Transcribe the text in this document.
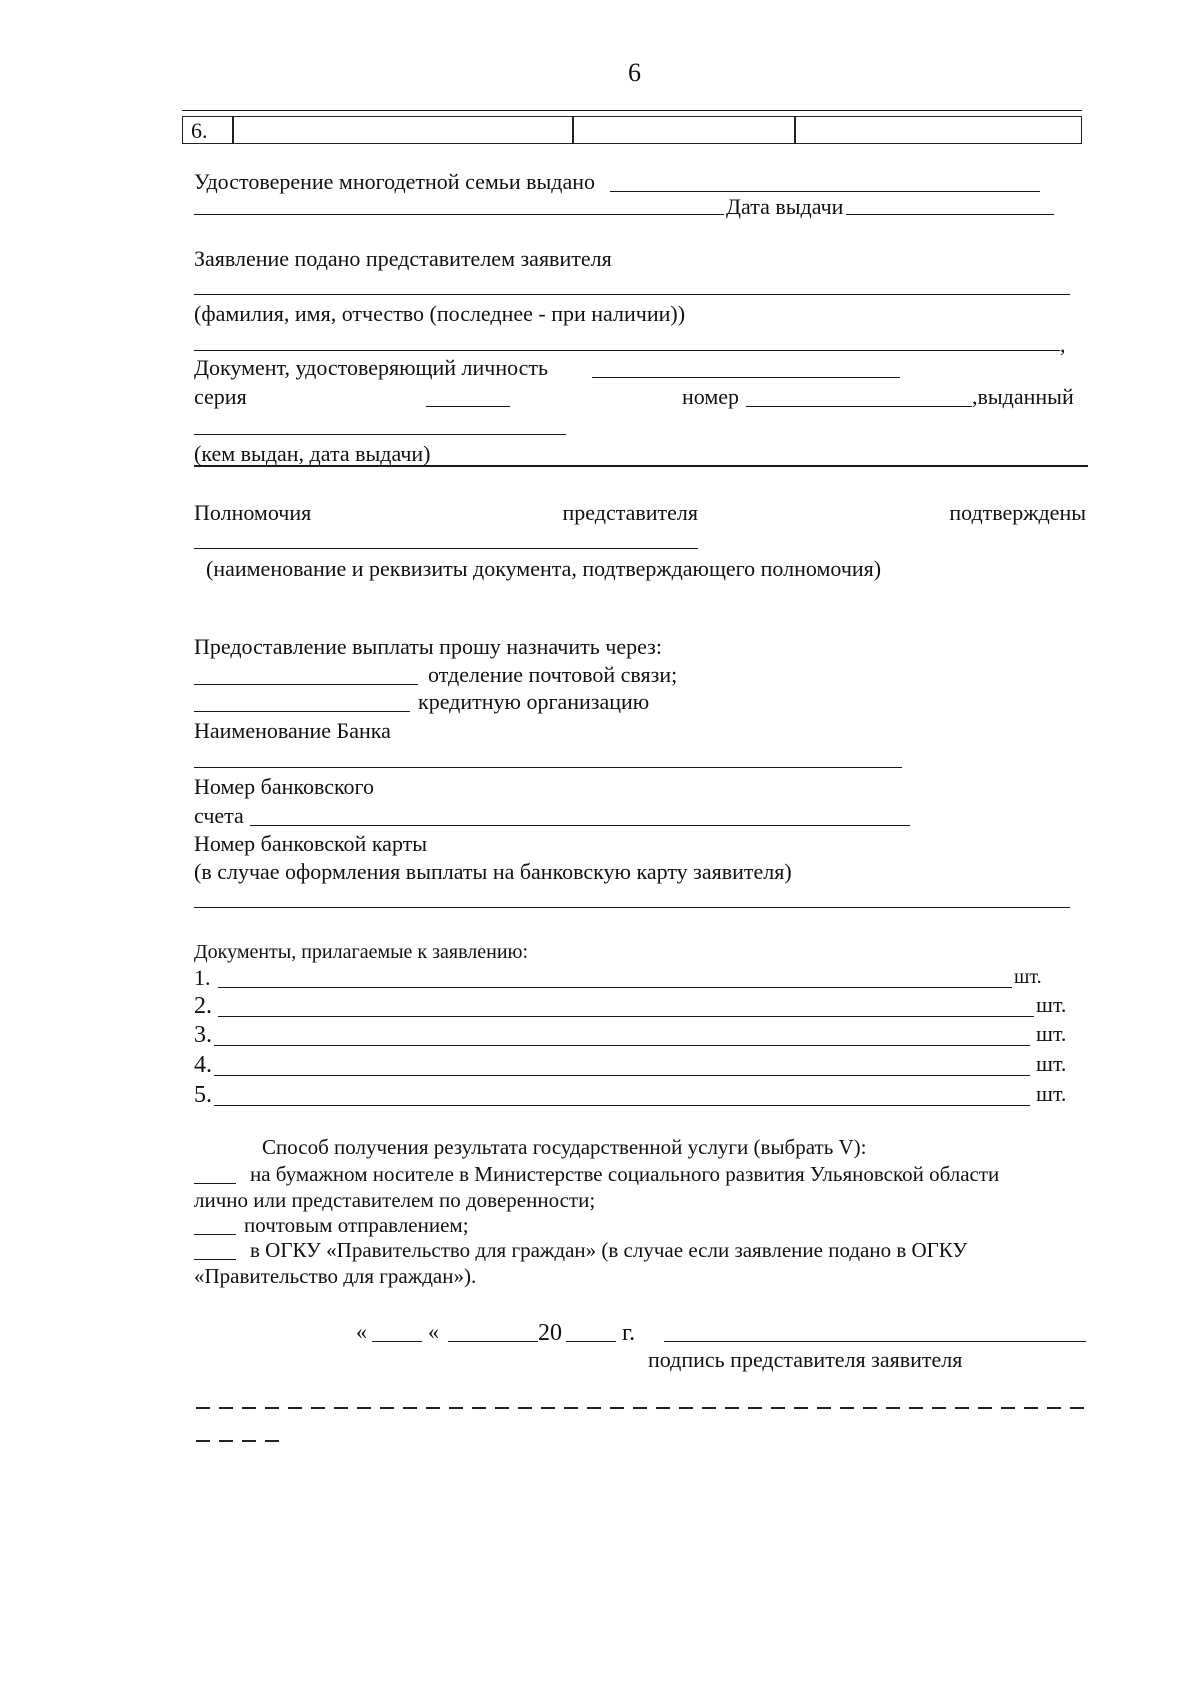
6
6.
Удостоверение многодетной семьи выдано
Дата выдачи
Заявление подано представителем заявителя
(фамилия, имя, отчество (последнее - при наличии))
,
Документ, удостоверяющий личность
серия	номер	,выданный
(кем выдан, дата выдачи)
Полномочия	представителя	подтверждены
(наименование и реквизиты документа, подтверждающего полномочия)
Предоставление выплаты прошу назначить через:
отделение почтовой связи;
кредитную организацию
Наименование Банка
Номер банковского
счета
Номер банковской карты
(в случае оформления выплаты на банковскую карту заявителя)
Документы, прилагаемые к заявлению:
1.	шт.
2.	шт.
3.	шт.
4.	шт.
5.	шт.
Способ получения результата государственной услуги (выбрать V):
на бумажном носителе в Министерстве социального развития Ульяновской области
лично или представителем по доверенности;
почтовым отправлением;
в ОГКУ «Правительство для граждан» (в случае если заявление подано в ОГКУ
«Правительство для граждан»).
«	«	20	г.
подпись представителя заявителя
